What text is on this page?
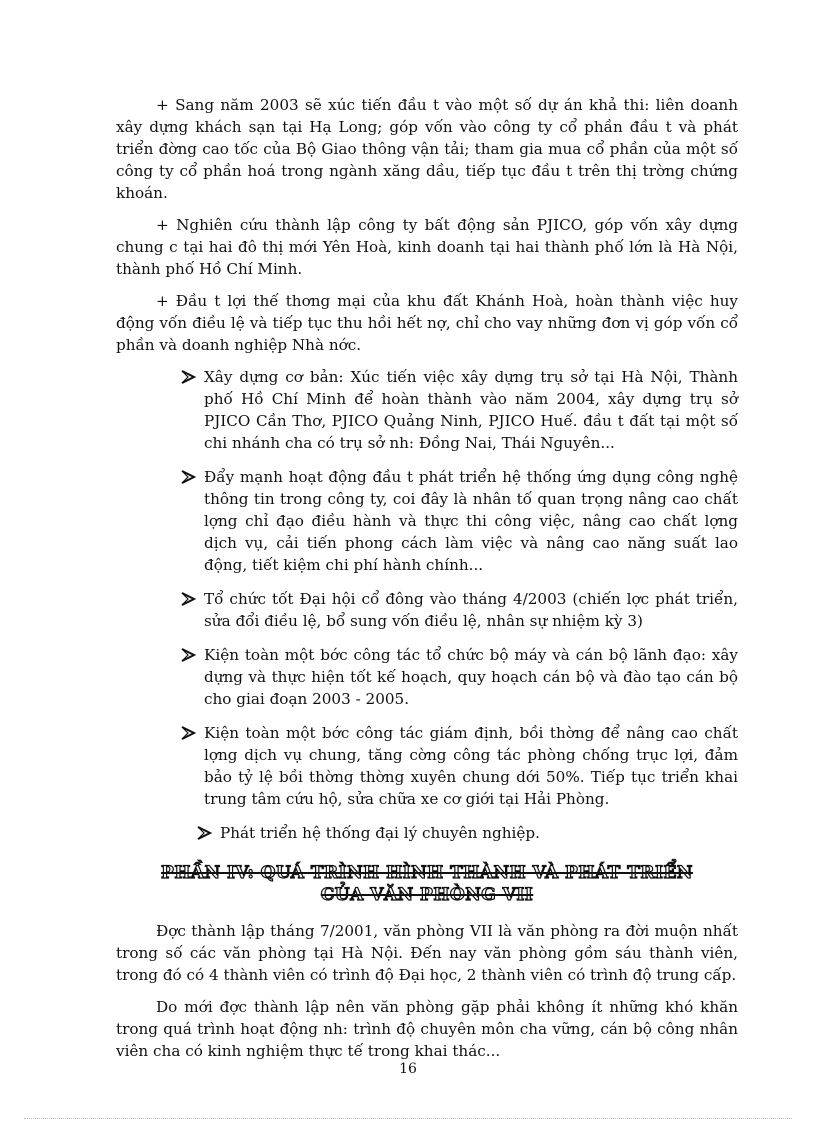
+ Sang năm 2003 sẽ xúc tiến đầu t vào một số dự án khả thi: liên doanh xây dựng khách sạn tại Hạ Long; góp vốn vào công ty cổ phần đầu t và phát triển đờng cao tốc của Bộ Giao thông vận tải; tham gia mua cổ phần của một số công ty cổ phần hoá trong ngành xăng dầu, tiếp tục đầu t trên thị trờng chứng khoán.

+ Nghiên cứu thành lập công ty bất động sản PJICO, góp vốn xây dựng chung c tại hai đô thị mới Yên Hoà, kinh doanh tại hai thành phố lớn là Hà Nội, thành phố Hồ Chí Minh.

+ Đầu t lợi thế thơng mại của khu đất Khánh Hoà, hoàn thành việc huy động vốn điều lệ và tiếp tục thu hồi hết nợ, chỉ cho vay những đơn vị góp vốn cổ phần và doanh nghiệp Nhà nớc.

Xây dựng cơ bản: Xúc tiến việc xây dựng trụ sở tại Hà Nội, Thành phố Hồ Chí Minh để hoàn thành vào năm 2004, xây dựng trụ sở PJICO Cần Thơ, PJICO Quảng Ninh, PJICO Huế. đầu t đất tại một số chi nhánh cha có trụ sở nh: Đồng Nai, Thái Nguyên...
Đẩy mạnh hoạt động đầu t phát triển hệ thống ứng dụng công nghệ thông tin trong công ty, coi đây là nhân tố quan trọng nâng cao chất lợng chỉ đạo điều hành và thực thi công việc, nâng cao chất lợng dịch vụ, cải tiến phong cách làm việc và nâng cao năng suất lao động, tiết kiệm chi phí hành chính...
Tổ chức tốt Đại hội cổ đông vào tháng 4/2003 (chiến lợc phát triển, sửa đổi điều lệ, bổ sung vốn điều lệ, nhân sự nhiệm kỳ 3)
Kiện toàn một bớc công tác tổ chức bộ máy và cán bộ lãnh đạo: xây dựng và thực hiện tốt kế hoạch, quy hoạch cán bộ và đào tạo cán bộ cho giai đoạn 2003 - 2005.
Kiện toàn một bớc công tác giám định, bồi thờng để nâng cao chất lợng dịch vụ chung, tăng cờng công tác phòng chống trục lợi, đảm bảo tỷ lệ bồi thờng thờng xuyên chung dới 50%. Tiếp tục triển khai trung tâm cứu hộ, sửa chữa xe cơ giới tại Hải Phòng.
Phát triển hệ thống đại lý chuyên nghiệp.
PHẦN IV: QUÁ TRÌNH HÌNH THÀNH VÀ PHÁT TRIỂN
CỦA VĂN PHÒNG VII

Đợc thành lập tháng 7/2001, văn phòng VII là văn phòng ra đời muộn nhất trong số các văn phòng tại Hà Nội. Đến nay văn phòng gồm sáu thành viên, trong đó có 4 thành viên có trình độ Đại học, 2 thành viên có trình độ trung cấp.

Do mới đợc thành lập nên văn phòng gặp phải không ít những khó khăn trong quá trình hoạt động nh: trình độ chuyên môn cha vững, cán bộ công nhân viên cha có kinh nghiệm thực tế trong khai thác...

16
